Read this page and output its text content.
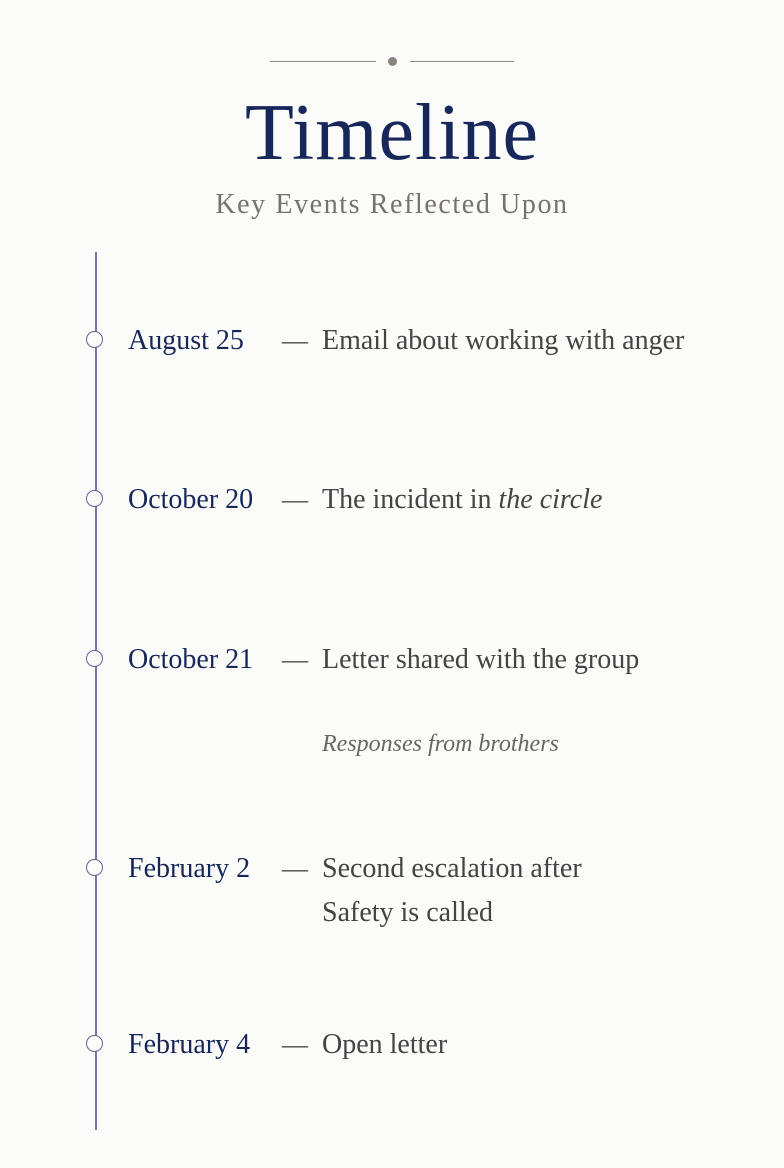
Timeline
Key Events Reflected Upon
August 25 — Email about working with anger
October 20 — The incident in the circle
October 21 — Letter shared with the group
Responses from brothers
February 2 — Second escalation after
Safety is called
February 4 — Open letter
